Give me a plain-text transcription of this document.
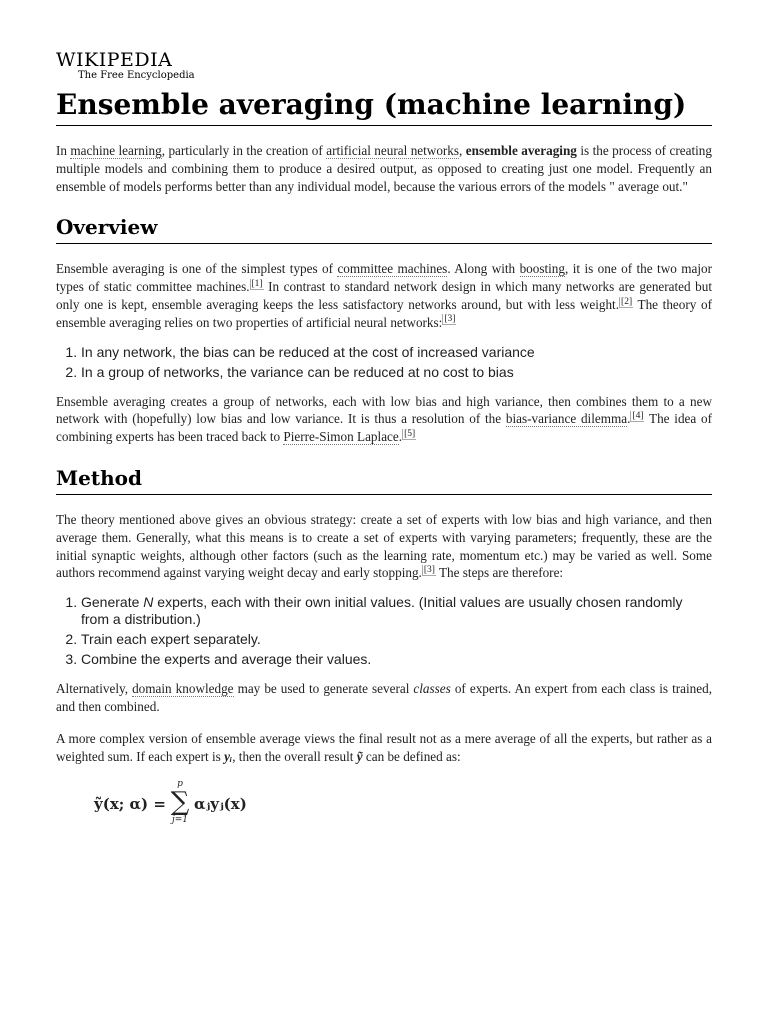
WIKIPEDIA
The Free Encyclopedia
Ensemble averaging (machine learning)

In machine learning, particularly in the creation of artificial neural networks, ensemble averaging is the process of creating multiple models and combining them to produce a desired output, as opposed to creating just one model. Frequently an ensemble of models performs better than any individual model, because the various errors of the models " average out."

Overview

Ensemble averaging is one of the simplest types of committee machines. Along with boosting, it is one of the two major types of static committee machines. [1] In contrast to standard network design in which many networks are generated but only one is kept, ensemble averaging keeps the less satisfactory networks around, but with less weight. [2] The theory of ensemble averaging relies on two properties of artificial neural networks: [3]

1. In any network, the bias can be reduced at the cost of increased variance
2. In a group of networks, the variance can be reduced at no cost to bias

Ensemble averaging creates a group of networks, each with low bias and high variance, then combines them to a new network with (hopefully) low bias and low variance. It is thus a resolution of the bias-variance dilemma. [4] The idea of combining experts has been traced back to Pierre-Simon Laplace. [5]

Method

The theory mentioned above gives an obvious strategy: create a set of experts with low bias and high variance, and then average them. Generally, what this means is to create a set of experts with varying parameters; frequently, these are the initial synaptic weights, although other factors (such as the learning rate, momentum etc.) may be varied as well. Some authors recommend against varying weight decay and early stopping. [3] The steps are therefore:

1. Generate N experts, each with their own initial values. (Initial values are usually chosen randomly from a distribution.)
2. Train each expert separately.
3. Combine the experts and average their values.

Alternatively, domain knowledge may be used to generate several classes of experts. An expert from each class is trained, and then combined.

A more complex version of ensemble average views the final result not as a mere average of all the experts, but rather as a weighted sum. If each expert is yᵢ, then the overall result ỹ can be defined as:

ỹ(x; α) =
p
∑
j=1
αⱼyⱼ(x)
